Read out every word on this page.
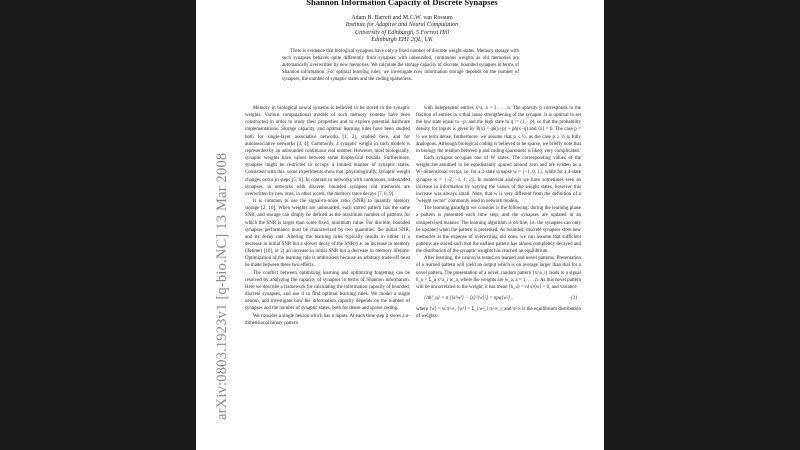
arXiv:0803.1923v1 [q-bio.NC] 13 Mar 2008
Shannon Information Capacity of Discrete Synapses
Adam B. Barrett and M.C.W. van Rossum
Institute for Adaptive and Neural Computation
University of Edinburgh, 5 Forrest Hill
Edinburgh EH1 2QL, UK
There is evidence that biological synapses have only a fixed number of discrete weight states. Memory storage with such synapses behaves quite differently from synapses with unbounded, continuous weights as old memories are automatically overwritten by new memories. We calculate the storage capacity of discrete, bounded synapses in terms of Shannon information. For optimal learning rules, we investigate how information storage depends on the number of synapses, the number of synaptic states and the coding sparseness.

Memory in biological neural systems is believed to be stored in the synaptic weights. Various computational models of such memory systems have been constructed in order to study their properties and to explore potential hardware implementations. Storage capacity, and optimal learning rules have been studied both for single-layer associative networks [1, 2], studied here, and for autoassociative networks [3, 4]. Commonly, a synaptic weight in such models is represented by an unbounded continuous real number. However, most biologically, synaptic weights have values between some biophysical bounds. Furthermore, synapses might be restricted to occupy a limited number of synaptic states. Consistent with this, some experiments show that, physiologically, synaptic weight changes occur in steps [5, 6]. In contrast to networks with continuous, unbounded synapses, in networks with discrete, bounded synapses old memories are overwritten by new ones, in other words, the memory trace decays [7, 8, 9].

It is common to use the signal-to-noise ratio (SNR) to quantify memory storage [2, 10]. When weights are unbounded, each stored pattern has the same SNR, and storage can simply be defined as the maximum number of patterns for which the SNR is larger than some fixed, minimum value. For discrete, bounded synapses performance must be characterized by two quantities: the initial SNR, and its decay rate. Altering the learning rules typically results in either 1) a decrease in initial SNR but a slower decay of the SNR (i.e. an increase in memory lifetime) [10], or 2) an increase in initial SNR but a decrease in memory lifetime. Optimization of the learning rule is ambivalent because an arbitrary trade-off must be made between these two effects.

The conflict between optimizing learning and optimizing forgetting can be resolved by analyzing the capacity of synapses in terms of Shannon information. Here we describe a framework for calculating the information capacity of bounded, discrete synapses, and use it to find optimal learning rules. We model a single neuron, and investigate how the information capacity depends on the number of synapses and the number of synaptic states, both for dense and sparse coding.

We consider a single neuron which has n inputs. At each time step it stores a n-dimensional binary pattern

with independent entries x^a, a = 1 . . . n. The sparsity p corresponds to the fraction of entries in x that cause strengthening of the synapse. It is optimal to set the low state equal to −p, and the high state to q := (1 − p), so that the probability density for inputs is given by P(x) = qδ(x+p) + pδ(x−q) and ⟨x⟩ = 0. The case p = ½ we term dense, furthermore, we assume that p ≤ ½, as the case p ≥ ½ is fully analogous. Although biological coding is believed to be sparse, we briefly note that in biology the relation between p and coding sparseness is likely very complicated.

Each synapse occupies one of W states. The corresponding values of the weight are assumed to be equidistantly spaced around zero and are written as a W−dimensional vector, i.e. for a 3-state synapse w = {−1, 0, 1}, while for a 4-state synapse w = {−2, −1, 1, 2}. In numerical analysis we have sometimes seen an increase in information by varying the values of the weight states, however this increase was always small. Note, that w is very different from the definition of a "weight vector" commonly used in network models.

The learning paradigm we consider is the following: during the learning phase a pattern is presented each time step, and the synapses are updated in an unsupervised manner. The learning algorithm is on-line, i.e. the synapses can only be updated when the pattern is presented. As bounded, discrete synapses store new memories at the expense of overwriting old ones, we can assume that sufficient patterns are stored such that the earliest pattern has almost completely decayed and the distribution of the synaptic weights has reached an equilibrium.

After learning, the neuron is tested on learned and novel patterns. Presentation of a learned pattern will yield an output which is on average larger than that for a novel pattern. The presentation of a novel, random pattern {x^a_i} leads to a signal h_u = Σ_a x^a_i w_a, where the weights are w_a, a = 1, . . . n. As this novel pattern will be uncorrelated to the weight, it has mean ⟨h_u⟩ = n⟨x⟩⟨w⟩ = 0, and variance

⟨Δh²_u⟩ = n [⟨x²w²⟩ − ⟨x⟩²⟨w⟩²] = npq⟨w²⟩ ,	(1)

where ⟨w⟩ = w.π^∞, ⟨w²⟩ = Σ_i w²_i π^∞_i, and π^∞ is the equilibrium distribution of weights.
